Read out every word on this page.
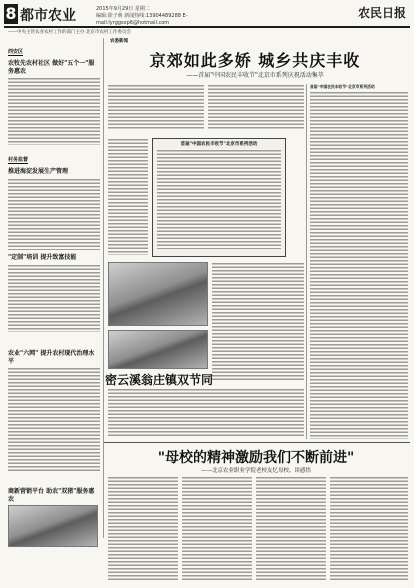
8 都市农业	2015年9月29日 星期二
编辑:徐子萌 新闻热线:13904489288 E-mail:lyrggsxp6@hotmail.com
农民日报
——中央主管农业农村工作的部门主办 北京市农村工作委员会
西安区
农牧先农村社区 做好"五个一"服务惠农
村务监督
推进海淀发展生产管理
"定制"培训 提升致富技能
农业"六网" 提升农村现代治理水平
商新营销平台 助农"双猪"服务惠农
农委新闻
京郊如此多娇 城乡共庆丰收
——首届"中国农民丰收节"北京市系列庆祝活动集萃
首届"中国农民丰收节"北京市系列活动
密云溪翁庄镇双节同
首届"中国农民丰收节"北京市系列活动
"母校的精神激励我们不断前进"
——北京农业职业学院老校友忆母校、谈感悟
